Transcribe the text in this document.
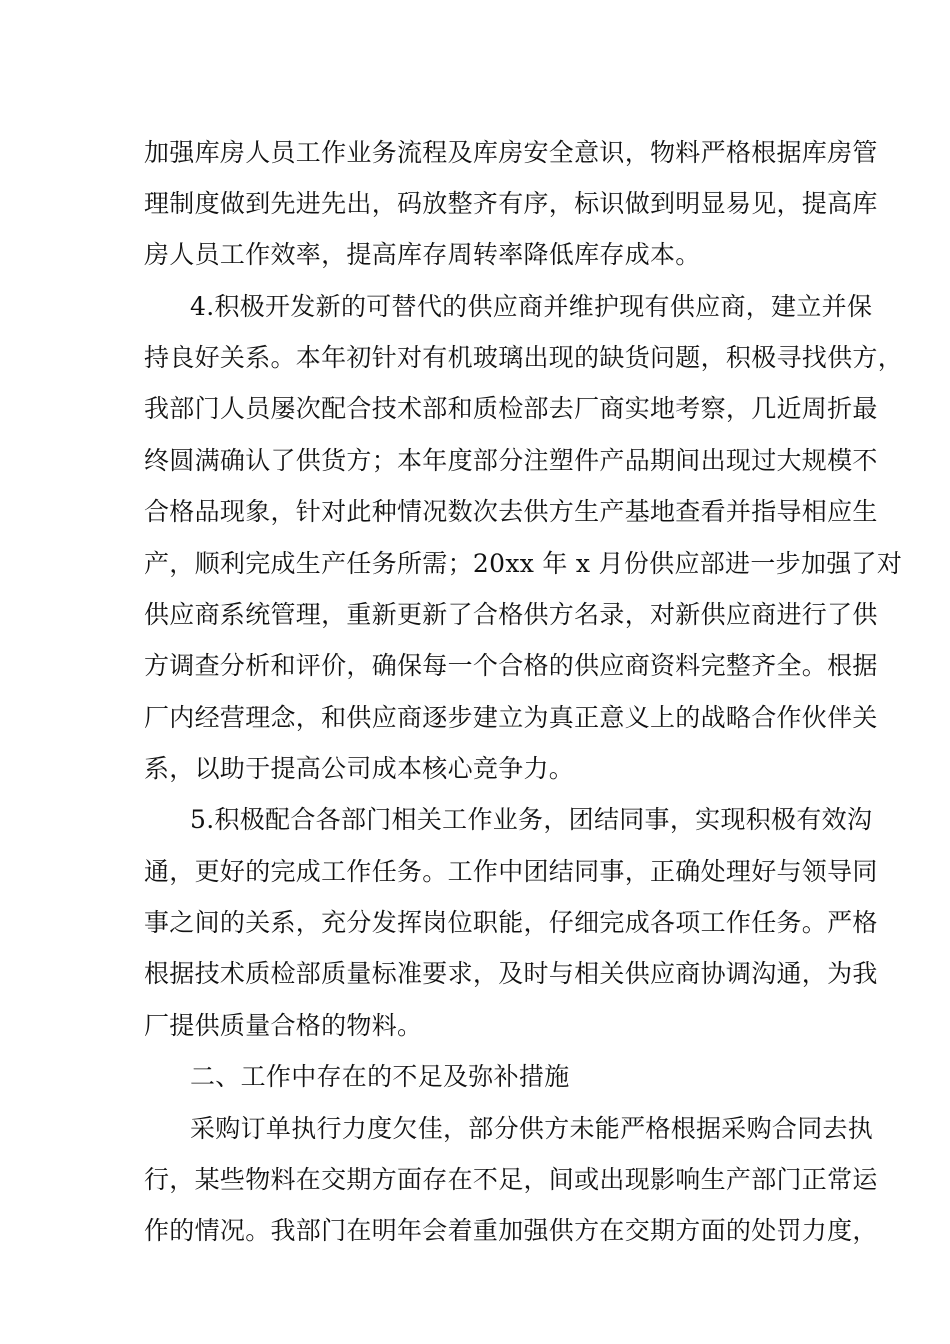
加强库房人员工作业务流程及库房安全意识，物料严格根据库房管
理制度做到先进先出，码放整齐有序，标识做到明显易见，提高库
房人员工作效率，提高库存周转率降低库存成本。
4.积极开发新的可替代的供应商并维护现有供应商，建立并保
持良好关系。本年初针对有机玻璃出现的缺货问题，积极寻找供方，
我部门人员屡次配合技术部和质检部去厂商实地考察，几近周折最
终圆满确认了供货方；本年度部分注塑件产品期间出现过大规模不
合格品现象，针对此种情况数次去供方生产基地查看并指导相应生
产，顺利完成生产任务所需；20xx 年 x 月份供应部进一步加强了对
供应商系统管理，重新更新了合格供方名录，对新供应商进行了供
方调查分析和评价，确保每一个合格的供应商资料完整齐全。根据
厂内经营理念，和供应商逐步建立为真正意义上的战略合作伙伴关
系，以助于提高公司成本核心竞争力。
5.积极配合各部门相关工作业务，团结同事，实现积极有效沟
通，更好的完成工作任务。工作中团结同事，正确处理好与领导同
事之间的关系，充分发挥岗位职能，仔细完成各项工作任务。严格
根据技术质检部质量标准要求，及时与相关供应商协调沟通，为我
厂提供质量合格的物料。
二、工作中存在的不足及弥补措施
采购订单执行力度欠佳，部分供方未能严格根据采购合同去执
行，某些物料在交期方面存在不足，间或出现影响生产部门正常运
作的情况。我部门在明年会着重加强供方在交期方面的处罚力度，
